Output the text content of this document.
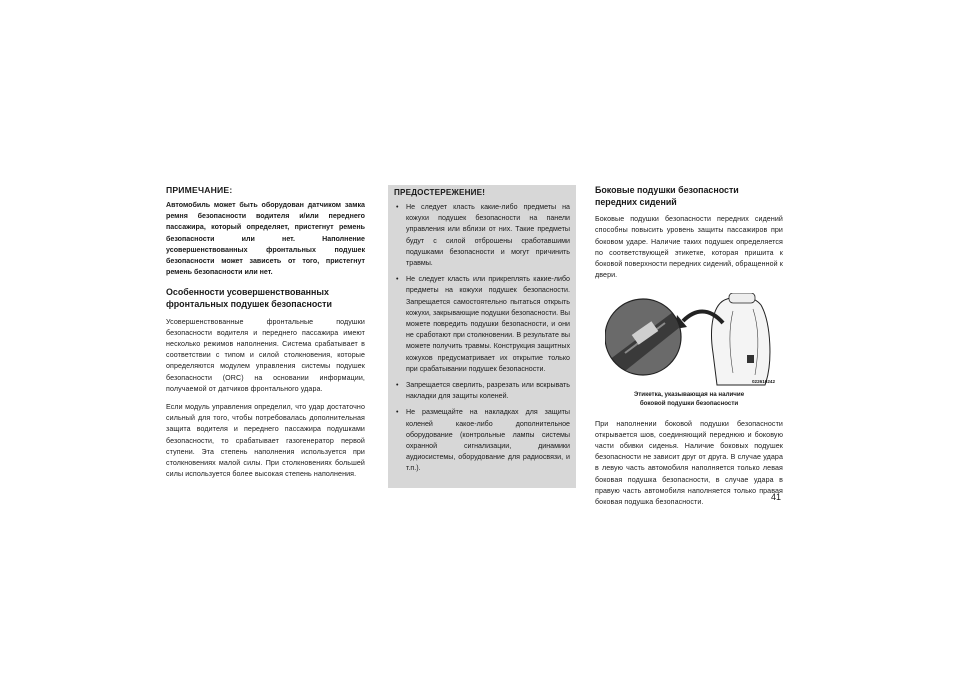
ПРИМЕЧАНИЕ:

Автомобиль может быть оборудован датчиком замка ремня безопасности водителя и/или переднего пассажира, который определяет, пристегнут ремень безопасности или нет. Наполнение усовершенствованных фронтальных подушек безопасности может зависеть от того, пристегнут ремень безопасности или нет.

Особенности усовершенствованных фронтальных подушек безопасности

Усовершенствованные фронтальные подушки безопасности водителя и переднего пассажира имеют несколько режимов наполнения. Система срабатывает в соответствии с типом и силой столкновения, которые определяются модулем управления системы подушек безопасности (ORC) на основании информации, получаемой от датчиков фронтального удара.

Если модуль управления определил, что удар достаточно сильный для того, чтобы потребовалась дополнительная защита водителя и переднего пассажира подушками безопасности, то срабатывает газогенератор первой ступени. Эта степень наполнения используется при столкновениях малой силы. При столкновениях большей силы используется более высокая степень наполнения.

ПРЕДОСТЕРЕЖЕНИЕ!

• Не следует класть какие-либо предметы на кожухи подушек безопасности на панели управления или вблизи от них. Такие предметы будут с силой отброшены сработавшими подушками безопасности и могут причинить травмы.
• Не следует класть или прикреплять какие-либо предметы на кожухи подушек безопасности. Запрещается самостоятельно пытаться открыть кожухи, закрывающие подушки безопасности. Вы можете повредить подушки безопасности, и они не сработают при столкновении. В результате вы можете получить травмы. Конструкция защитных кожухов предусматривает их открытие только при срабатывании подушек безопасности.
• Запрещается сверлить, разрезать или вскрывать накладки для защиты коленей.
• Не размещайте на накладках для защиты коленей какое-либо дополнительное оборудование (контрольные лампы системы охранной сигнализации, динамики аудиосистемы, оборудование для радиосвязи, и т.п.).
Боковые подушки безопасности передних сидений

Боковые подушки безопасности передних сидений способны повысить уровень защиты пассажиров при боковом ударе. Наличие таких подушек определяется по соответствующей этикетке, которая пришита к боковой поверхности передних сидений, обращенной к двери.

022610242

Этикетка, указывающая на наличие
боковой подушки безопасности

При наполнении боковой подушки безопасности открывается шов, соединяющий переднюю и боковую части обивки сиденья. Наличие боковых подушек безопасности не зависит друг от друга. В случае удара в левую часть автомобиля наполняется только левая боковая подушка безопасности, в случае удара в правую часть автомобиля наполняется только правая боковая подушка безопасности.

41
